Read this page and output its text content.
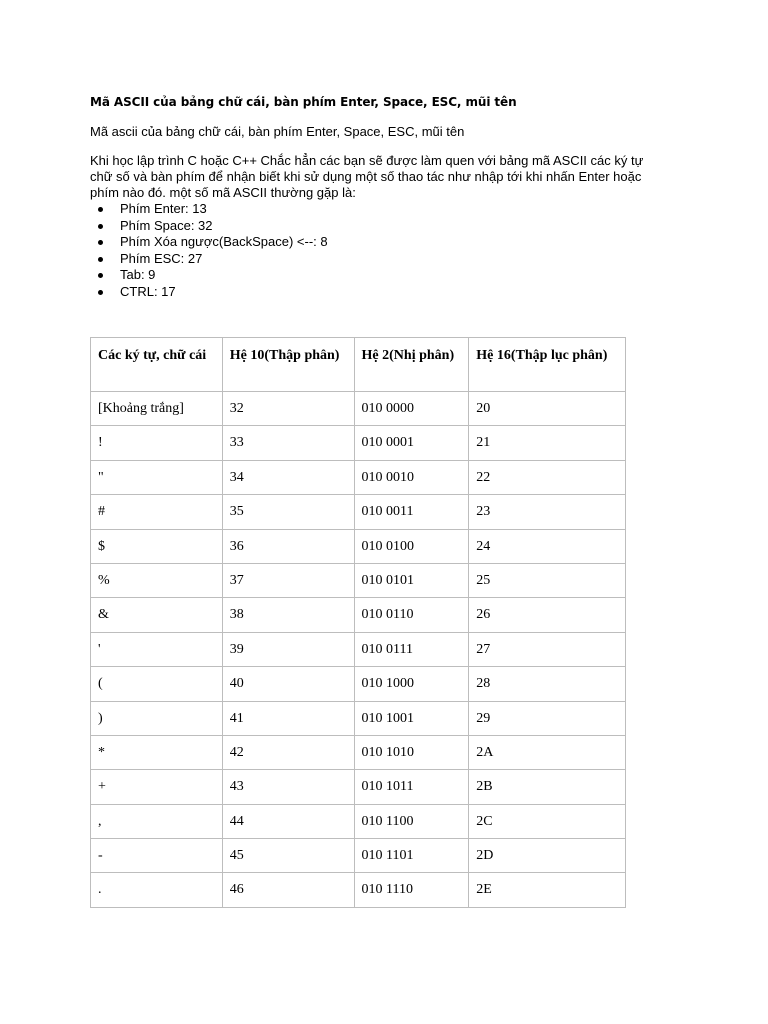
Mã ASCII của bảng chữ cái, bàn phím Enter, Space, ESC, mũi tên

Mã ascii của bảng chữ cái, bàn phím Enter, Space, ESC, mũi tên

Khi học lập trình C hoặc C++ Chắc hẳn các bạn sẽ được làm quen với bảng mã ASCII các ký tự chữ số và bàn phím để nhận biết khi sử dụng một số thao tác như nhập tới khi nhấn Enter hoặc phím nào đó. một số mã ASCII thường gặp là:

Phím Enter: 13
Phím Space: 32
Phím Xóa ngược(BackSpace) <--: 8
Phím ESC: 27
Tab: 9
CTRL: 17
Các ký tự, chữ cái	Hệ 10(Thập phân)	Hệ 2(Nhị phân)	Hệ 16(Thập lục phân)
[Khoảng trắng]	32	010 0000	20
!	33	010 0001	21
"	34	010 0010	22
#	35	010 0011	23
$	36	010 0100	24
%	37	010 0101	25
&	38	010 0110	26
'	39	010 0111	27
(	40	010 1000	28
)	41	010 1001	29
*	42	010 1010	2A
+	43	010 1011	2B
,	44	010 1100	2C
-	45	010 1101	2D
.	46	010 1110	2E
